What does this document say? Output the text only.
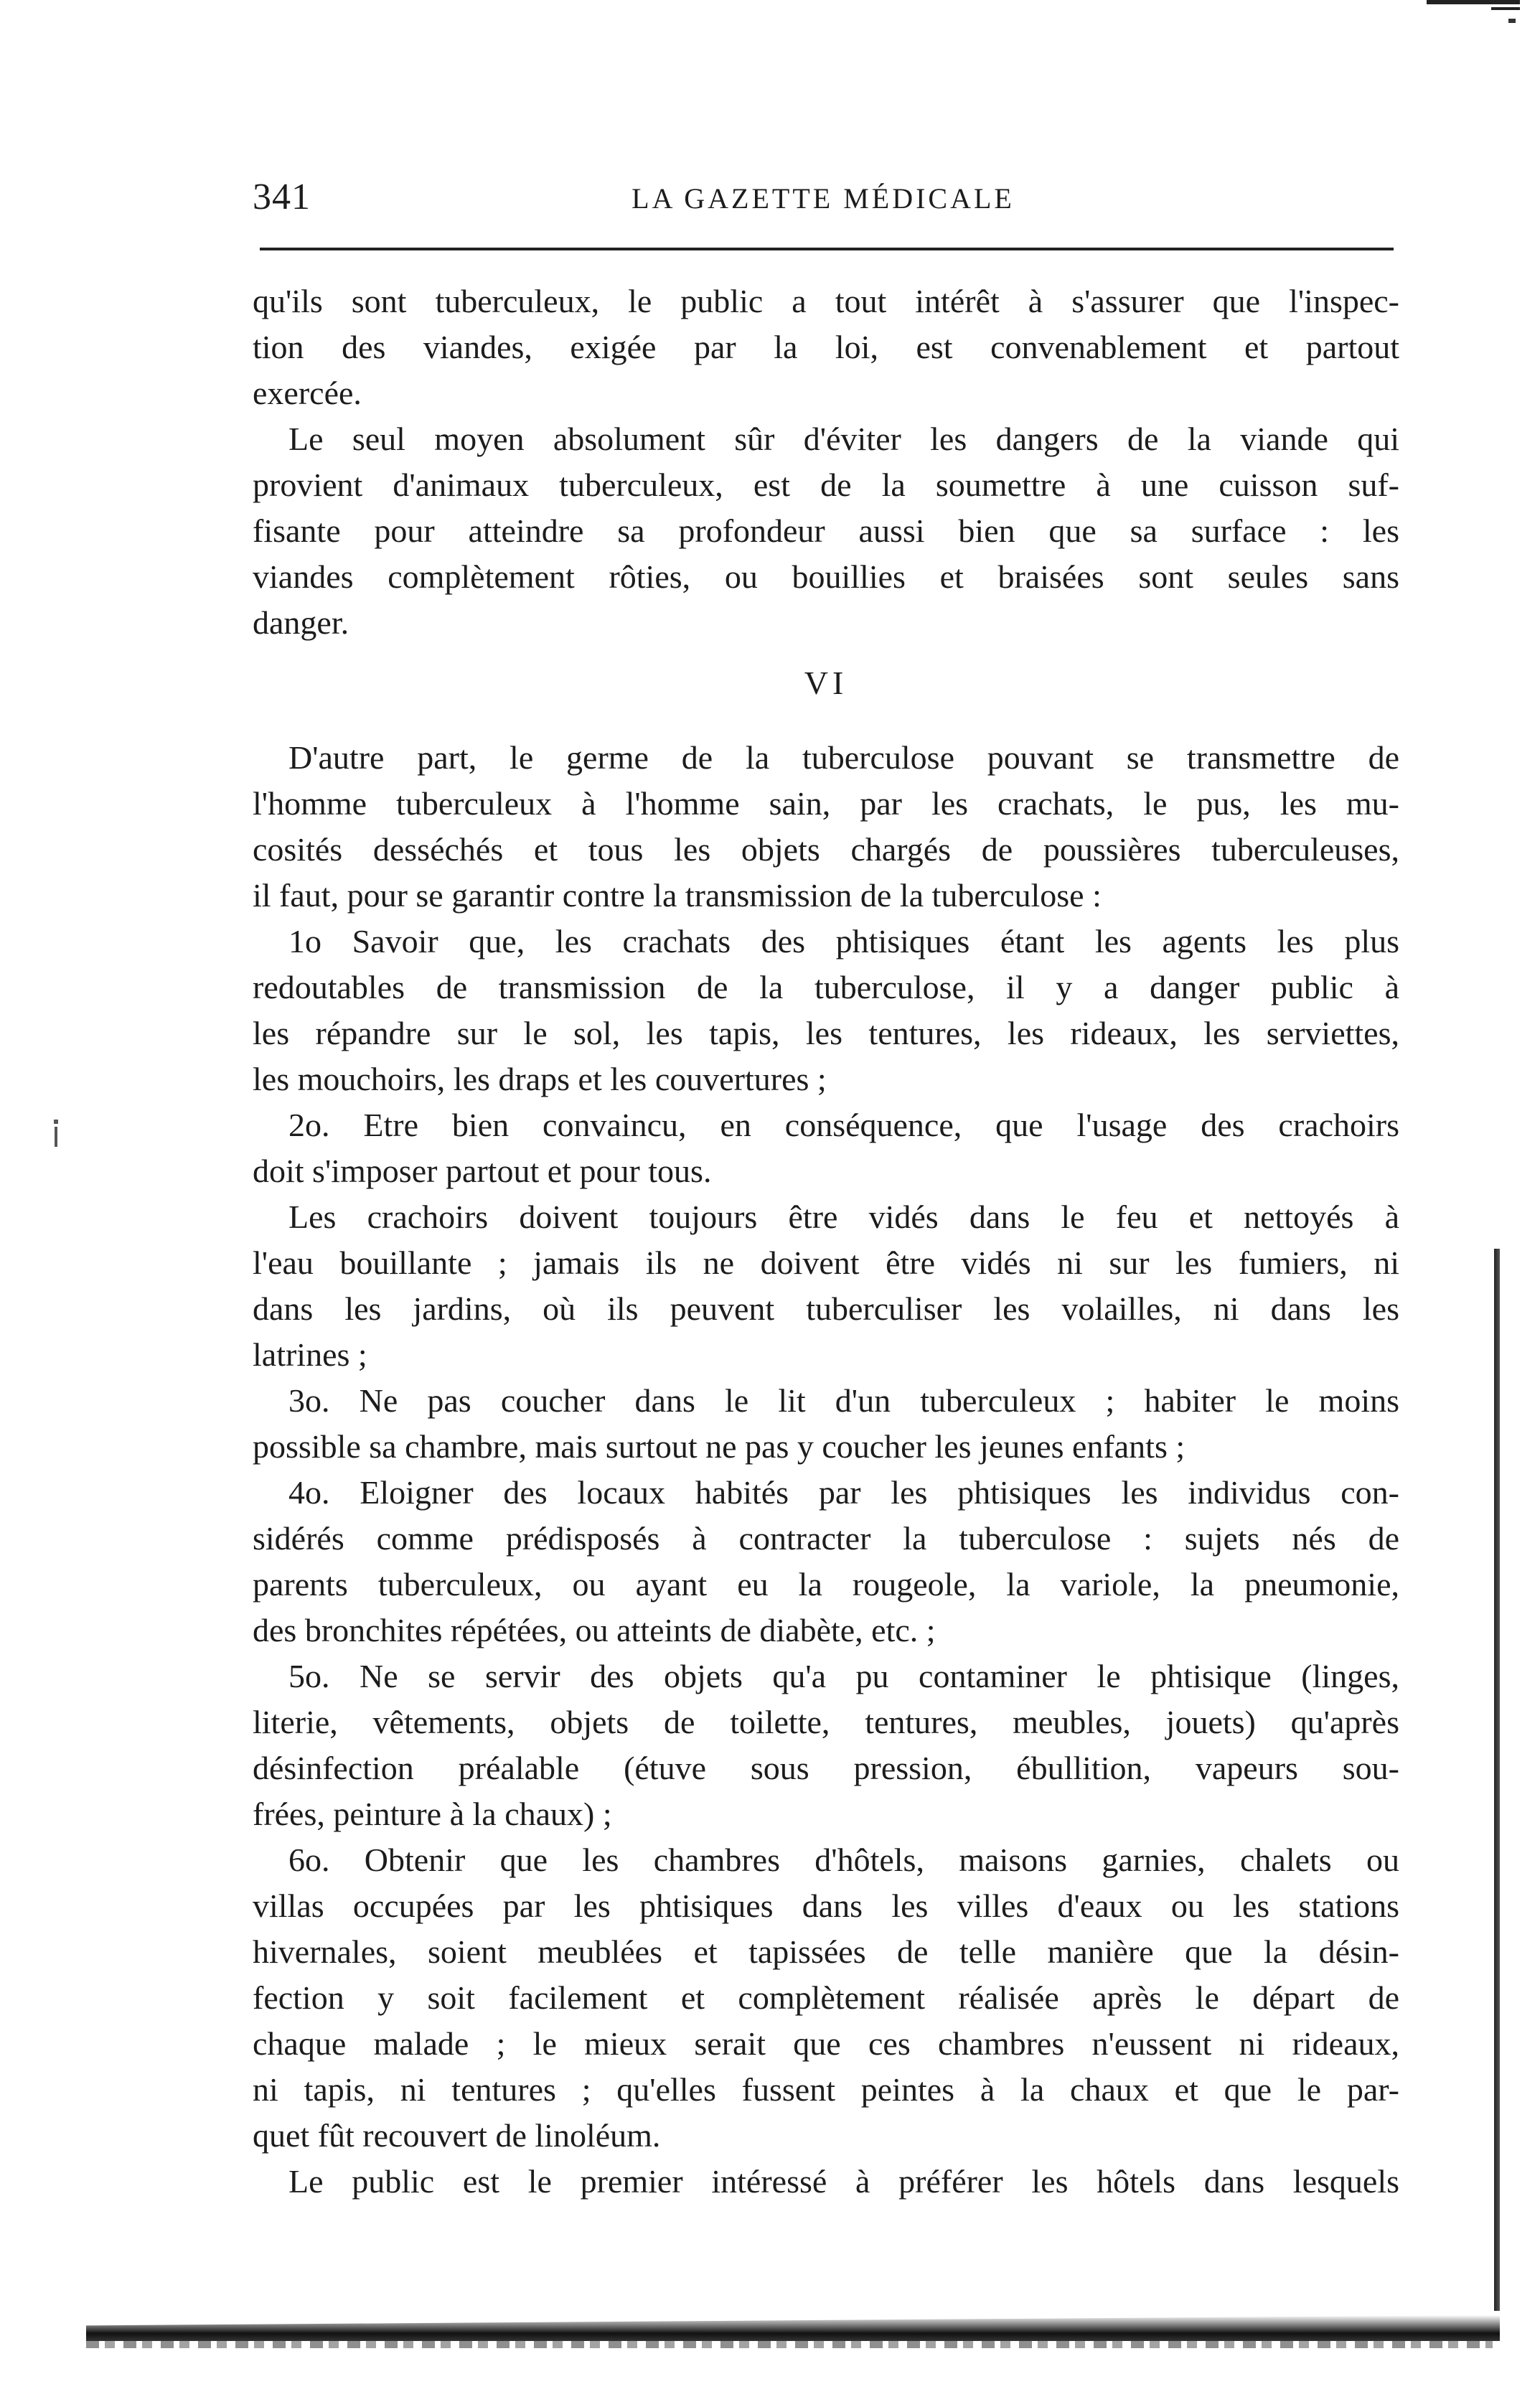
341	LA GAZETTE MÉDICALE
qu'ils sont tuberculeux, le public a tout intérêt à s'assurer que l'inspec-
tion des viandes, exigée par la loi, est convenablement et partout
exercée.
Le seul moyen absolument sûr d'éviter les dangers de la viande qui
provient d'animaux tuberculeux, est de la soumettre à une cuisson suf-
fisante pour atteindre sa profondeur aussi bien que sa surface : les
viandes complètement rôties, ou bouillies et braisées sont seules sans
danger.
VI
D'autre part, le germe de la tuberculose pouvant se transmettre de
l'homme tuberculeux à l'homme sain, par les crachats, le pus, les mu-
cosités desséchés et tous les objets chargés de poussières tuberculeuses,
il faut, pour se garantir contre la transmission de la tuberculose :
1o Savoir que, les crachats des phtisiques étant les agents les plus
redoutables de transmission de la tuberculose, il y a danger public à
les répandre sur le sol, les tapis, les tentures, les rideaux, les serviettes,
les mouchoirs, les draps et les couvertures ;
2o. Etre bien convaincu, en conséquence, que l'usage des crachoirs
doit s'imposer partout et pour tous.
Les crachoirs doivent toujours être vidés dans le feu et nettoyés à
l'eau bouillante ; jamais ils ne doivent être vidés ni sur les fumiers, ni
dans les jardins, où ils peuvent tuberculiser les volailles, ni dans les
latrines ;
3o. Ne pas coucher dans le lit d'un tuberculeux ; habiter le moins
possible sa chambre, mais surtout ne pas y coucher les jeunes enfants ;
4o. Eloigner des locaux habités par les phtisiques les individus con-
sidérés comme prédisposés à contracter la tuberculose : sujets nés de
parents tuberculeux, ou ayant eu la rougeole, la variole, la pneumonie,
des bronchites répétées, ou atteints de diabète, etc. ;
5o. Ne se servir des objets qu'a pu contaminer le phtisique (linges,
literie, vêtements, objets de toilette, tentures, meubles, jouets) qu'après
désinfection préalable (étuve sous pression, ébullition, vapeurs sou-
frées, peinture à la chaux) ;
6o. Obtenir que les chambres d'hôtels, maisons garnies, chalets ou
villas occupées par les phtisiques dans les villes d'eaux ou les stations
hivernales, soient meublées et tapissées de telle manière que la désin-
fection y soit facilement et complètement réalisée après le départ de
chaque malade ; le mieux serait que ces chambres n'eussent ni rideaux,
ni tapis, ni tentures ; qu'elles fussent peintes à la chaux et que le par-
quet fût recouvert de linoléum.
Le public est le premier intéressé à préférer les hôtels dans lesquels
